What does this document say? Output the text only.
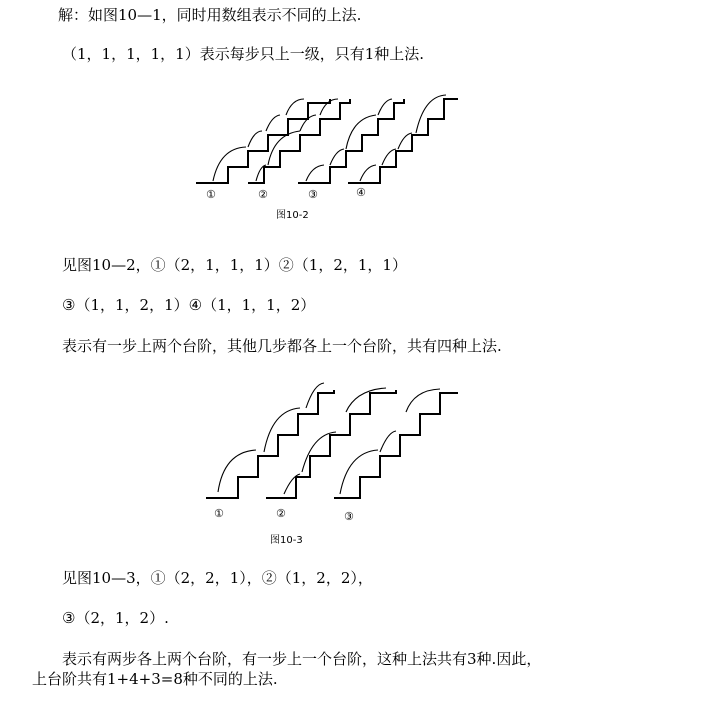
解：如图10—1，同时用数组表示不同的上法.
（1，1，1，1，1）表示每步只上一级，只有1种上法.
①	②	③	④
①	②	③
图10-2
见图10—2，①（2，1，1，1）②（1，2，1，1）
③（1，1，2，1）④（1，1，1，2）
表示有一步上两个台阶，其他几步都各上一个台阶，共有四种上法.
图10-3
见图10—3，①（2，2，1），②（1，2，2），
③（2，1，2）.
表示有两步各上两个台阶，有一步上一个台阶，这种上法共有3种.因此，
上台阶共有1+4+3=8种不同的上法.
